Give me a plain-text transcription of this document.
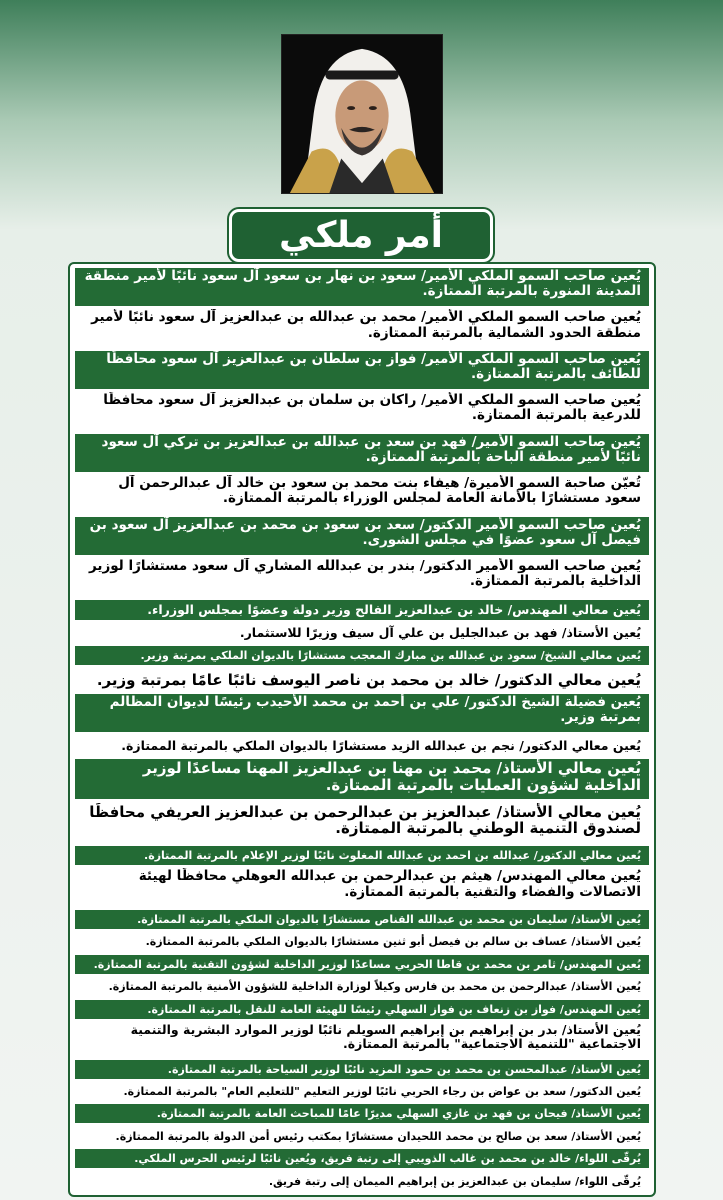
أمر ملكي
يُعين صاحب السمو الملكي الأمير/ سعود بن نهار بن سعود آل سعود نائبًا لأمير منطقة المدينة المنورة بالمرتبة الممتازة.
يُعين صاحب السمو الملكي الأمير/ محمد بن عبدالله بن عبدالعزيز آل سعود نائبًا لأمير منطقة الحدود الشمالية بالمرتبة الممتازة.
يُعين صاحب السمو الملكي الأمير/ فواز بن سلطان بن عبدالعزيز آل سعود محافظًا للطائف بالمرتبة الممتازة.
يُعين صاحب السمو الملكي الأمير/ راكان بن سلمان بن عبدالعزيز آل سعود محافظًا للدرعية بالمرتبة الممتازة.
يُعين صاحب السمو الأمير/ فهد بن سعد بن عبدالله بن عبدالعزيز بن تركي آل سعود نائبًا لأمير منطقة الباحة بالمرتبة الممتازة.
تُعيّن صاحبة السمو الأميرة/ هيفاء بنت محمد بن سعود بن خالد آل عبدالرحمن آل سعود مستشارًا بالأمانة العامة لمجلس الوزراء بالمرتبة الممتازة.
يُعين صاحب السمو الأمير الدكتور/ سعد بن سعود بن محمد بن عبدالعزيز آل سعود بن فيصل آل سعود عضوًا في مجلس الشورى.
يُعين صاحب السمو الأمير الدكتور/ بندر بن عبدالله المشاري آل سعود مستشارًا لوزير الداخلية بالمرتبة الممتازة.
يُعين معالي المهندس/ خالد بن عبدالعزيز الفالح وزير دولة وعضوًا بمجلس الوزراء.
يُعين الأستاذ/ فهد بن عبدالجليل بن علي آل سيف وزيرًا للاستثمار.
يُعين معالي الشيخ/ سعود بن عبدالله بن مبارك المعجب مستشارًا بالديوان الملكي بمرتبة وزير.
يُعين معالي الدكتور/ خالد بن محمد بن ناصر اليوسف نائبًا عامًا بمرتبة وزير.
يُعين فضيلة الشيخ الدكتور/ علي بن أحمد بن محمد الأحيدب رئيسًا لديوان المظالم بمرتبة وزير.
يُعين معالي الدكتور/ نجم بن عبدالله الزيد مستشارًا بالديوان الملكي بالمرتبة الممتازة.
يُعين معالي الأستاذ/ محمد بن مهنا بن عبدالعزيز المهنا مساعدًا لوزير الداخلية لشؤون العمليات بالمرتبة الممتازة.
يُعين معالي الأستاذ/ عبدالعزيز بن عبدالرحمن بن عبدالعزيز العريفي محافظًا لصندوق التنمية الوطني بالمرتبة الممتازة.
يُعين معالي الدكتور/ عبدالله بن احمد بن عبدالله المغلوث نائبًا لوزير الإعلام بالمرتبة الممتازة.
يُعين معالي المهندس/ هيثم بن عبدالرحمن بن عبدالله العوهلي محافظًا لهيئة الاتصالات والفضاء والتقنية بالمرتبة الممتازة.
يُعين الأستاذ/ سليمان بن محمد بن عبدالله القناص مستشارًا بالديوان الملكي بالمرتبة الممتازة.
يُعين الأستاذ/ عساف بن سالم بن فيصل أبو ثنين مستشارًا بالديوان الملكي بالمرتبة الممتازة.
يُعين المهندس/ ثامر بن محمد بن قاطا الحربي مساعدًا لوزير الداخلية لشؤون التقنية بالمرتبة الممتازة.
يُعين الأستاذ/ عبدالرحمن بن محمد بن فارس وكيلاً لوزارة الداخلية للشؤون الأمنية بالمرتبة الممتازة.
يُعين المهندس/ فواز بن زنعاف بن فواز السهلي رئيسًا للهيئة العامة للنقل بالمرتبة الممتازة.
يُعين الأستاذ/ بدر بن إبراهيم بن إبراهيم السويلم نائبًا لوزير الموارد البشرية والتنمية الاجتماعية "للتنمية الاجتماعية" بالمرتبة الممتازة.
يُعين الأستاذ/ عبدالمحسن بن محمد بن حمود المزيد نائبًا لوزير السياحة بالمرتبة الممتازة.
يُعين الدكتور/ سعد بن عواض بن رجاء الحربي نائبًا لوزير التعليم "للتعليم العام" بالمرتبة الممتازة.
يُعين الأستاذ/ فيحان بن فهد بن غازي السهلي مديرًا عامًا للمباحث العامة بالمرتبة الممتازة.
يُعين الأستاذ/ سعد بن صالح بن محمد اللحيدان مستشارًا بمكتب رئيس أمن الدولة بالمرتبة الممتازة.
يُرقّى اللواء/ خالد بن محمد بن غالب الذويبي إلى رتبة فريق، ويُعين نائبًا لرئيس الحرس الملكي.
يُرقّى اللواء/ سليمان بن عبدالعزيز بن إبراهيم الميمان إلى رتبة فريق.
